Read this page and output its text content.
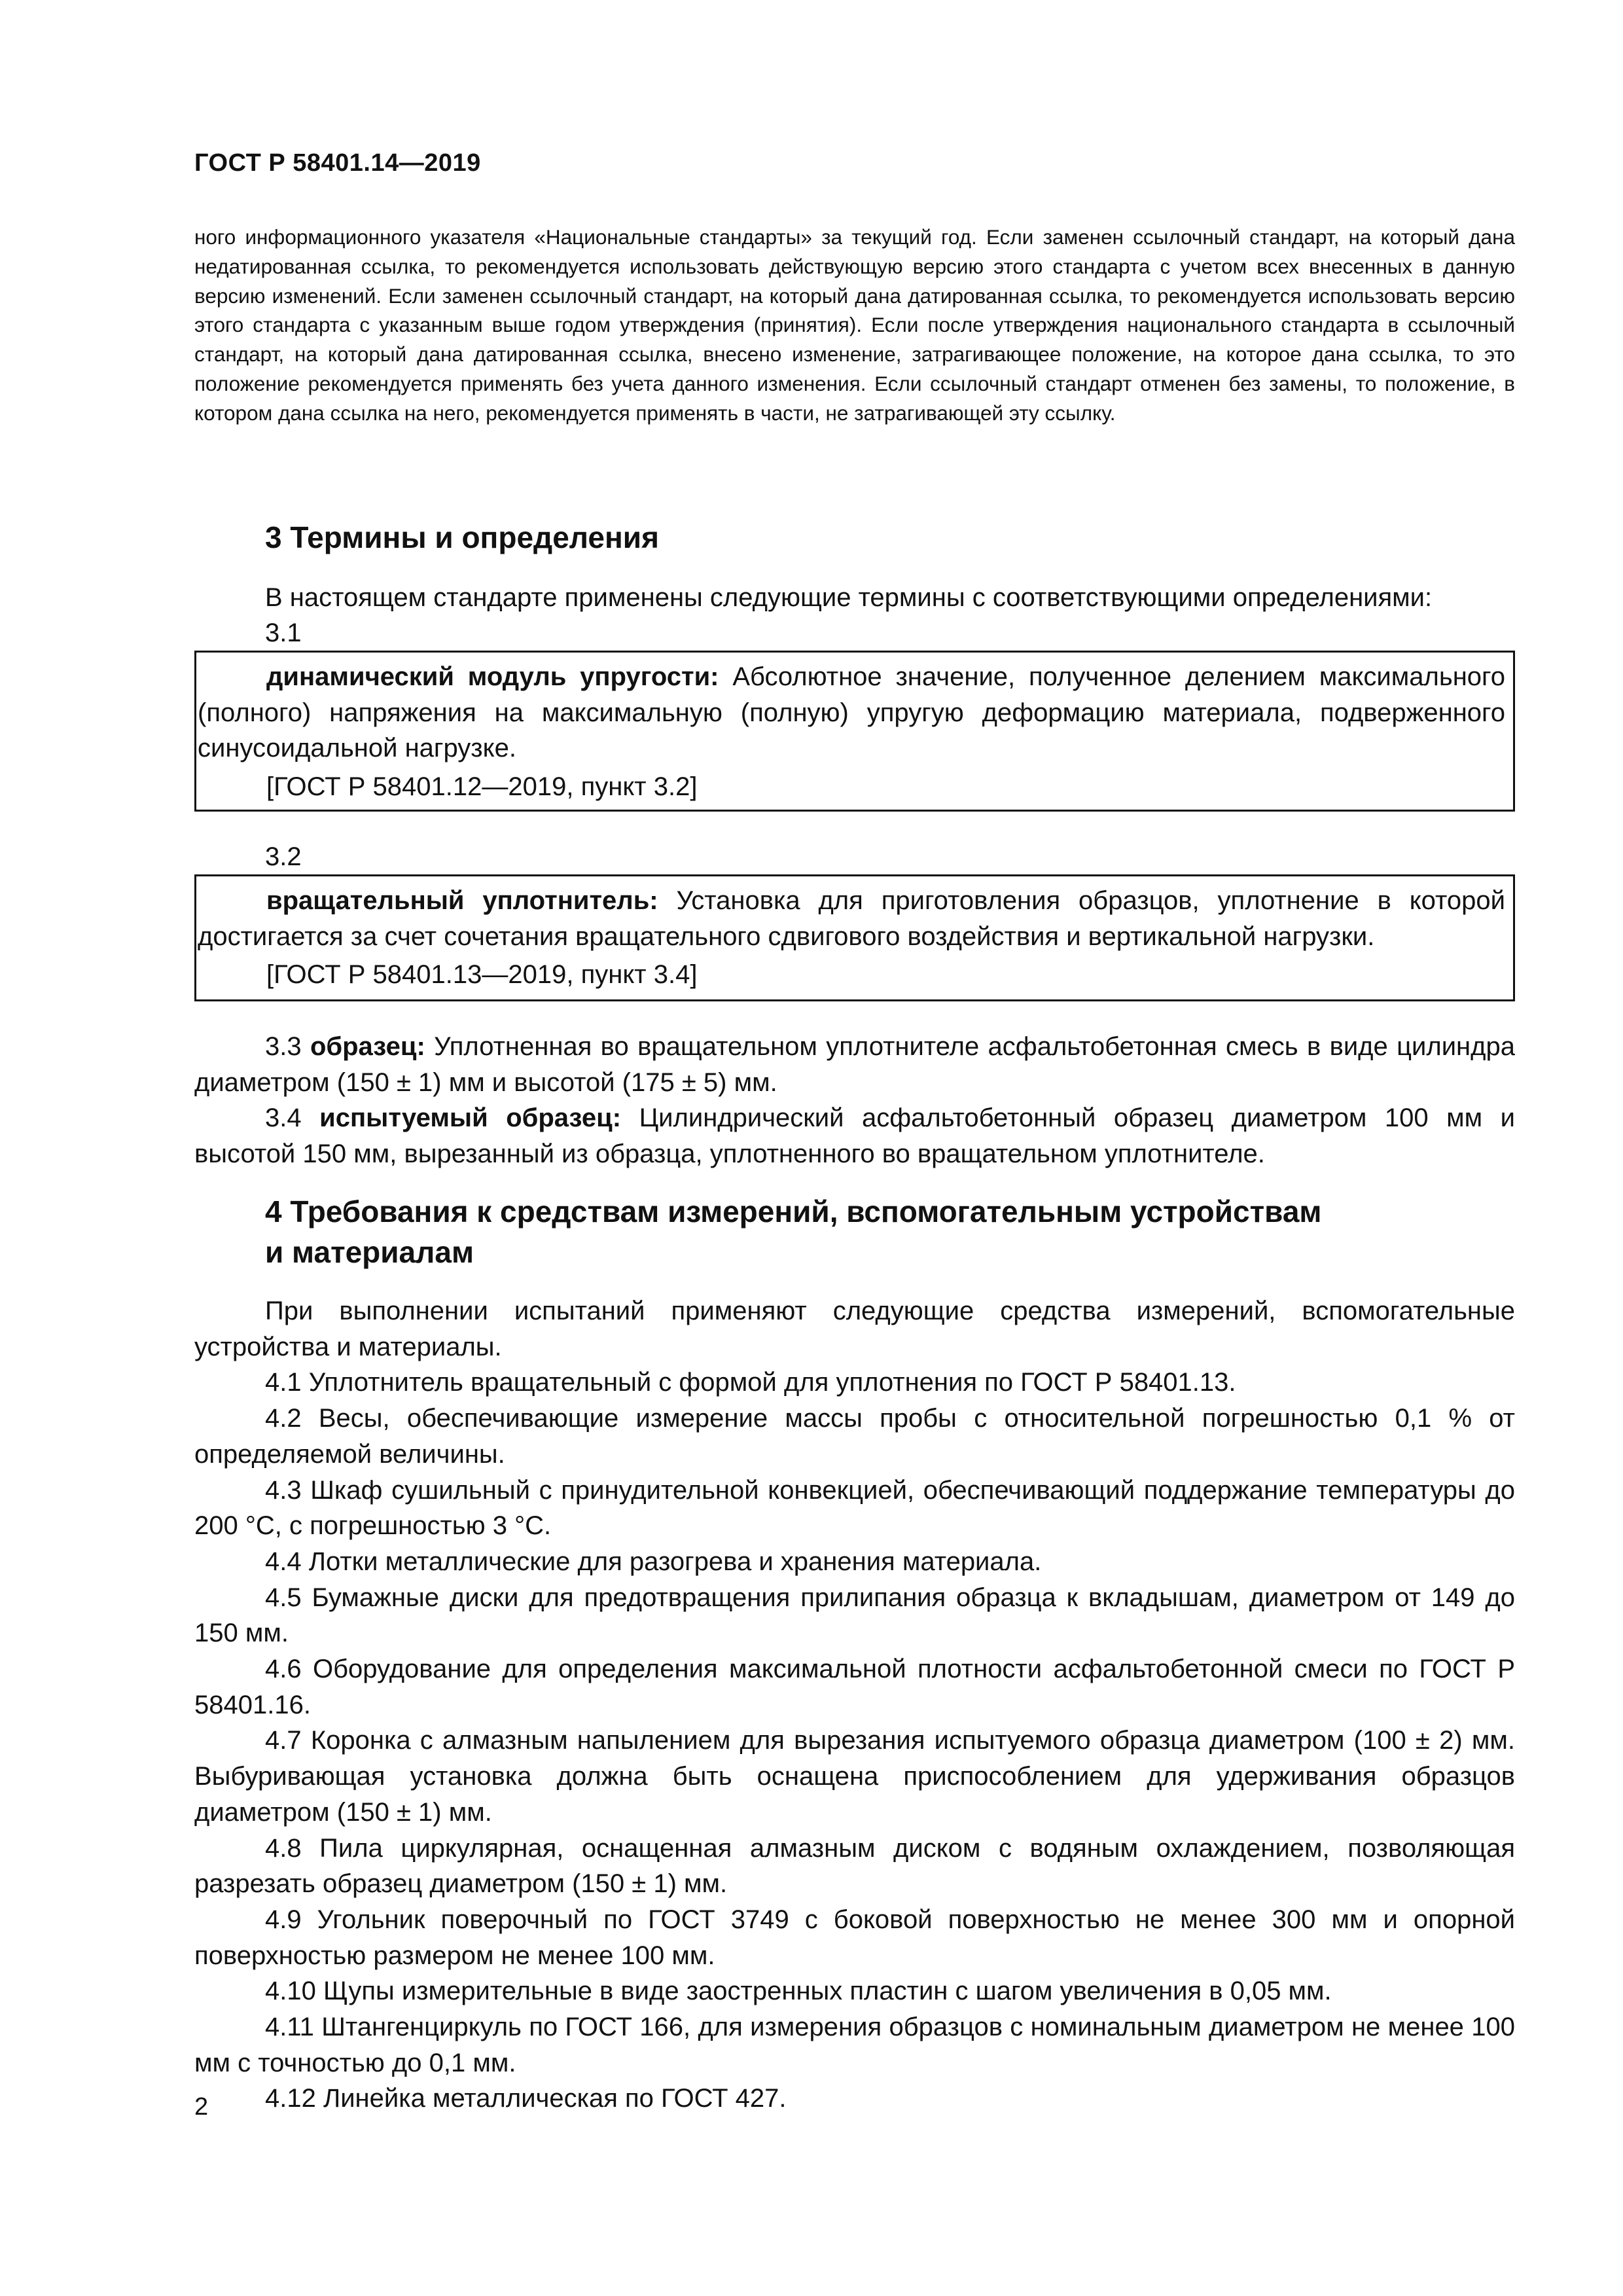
ГОСТ Р 58401.14—2019

ного информационного указателя «Национальные стандарты» за текущий год. Если заменен ссылочный стандарт, на который дана недатированная ссылка, то рекомендуется использовать действующую версию этого стандарта с учетом всех внесенных в данную версию изменений. Если заменен ссылочный стандарт, на который дана датированная ссылка, то рекомендуется использовать версию этого стандарта с указанным выше годом утверждения (принятия). Если после утверждения национального стандарта в ссылочный стандарт, на который дана датированная ссылка, внесено изменение, затрагивающее положение, на которое дана ссылка, то это положение рекомендуется применять без учета данного изменения. Если ссылочный стандарт отменен без замены, то положение, в котором дана ссылка на него, рекомендуется применять в части, не затрагивающей эту ссылку.

3 Термины и определения

В настоящем стандарте применены следующие термины с соответствующими определениями:

3.1

динамический модуль упругости: Абсолютное значение, полученное делением максимального (полного) напряжения на максимальную (полную) упругую деформацию материала, подверженного синусоидальной нагрузке.

[ГОСТ Р 58401.12—2019, пункт 3.2]

3.2

вращательный уплотнитель: Установка для приготовления образцов, уплотнение в которой достигается за счет сочетания вращательного сдвигового воздействия и вертикальной нагрузки.

[ГОСТ Р 58401.13—2019, пункт 3.4]

3.3 образец: Уплотненная во вращательном уплотнителе асфальтобетонная смесь в виде цилиндра диаметром (150 ± 1) мм и высотой (175 ± 5) мм.

3.4 испытуемый образец: Цилиндрический асфальтобетонный образец диаметром 100 мм и высотой 150 мм, вырезанный из образца, уплотненного во вращательном уплотнителе.

4 Требования к средствам измерений, вспомогательным устройствам
и материалам

При выполнении испытаний применяют следующие средства измерений, вспомогательные устройства и материалы.

4.1 Уплотнитель вращательный с формой для уплотнения по ГОСТ Р 58401.13.

4.2 Весы, обеспечивающие измерение массы пробы с относительной погрешностью 0,1 % от определяемой величины.

4.3 Шкаф сушильный с принудительной конвекцией, обеспечивающий поддержание температуры до 200 °С, с погрешностью 3 °С.

4.4 Лотки металлические для разогрева и хранения материала.

4.5 Бумажные диски для предотвращения прилипания образца к вкладышам, диаметром от 149 до 150 мм.

4.6 Оборудование для определения максимальной плотности асфальтобетонной смеси по ГОСТ Р 58401.16.

4.7 Коронка с алмазным напылением для вырезания испытуемого образца диаметром (100 ± 2) мм. Выбуривающая установка должна быть оснащена приспособлением для удерживания образцов диаметром (150 ± 1) мм.

4.8 Пила циркулярная, оснащенная алмазным диском с водяным охлаждением, позволяющая разрезать образец диаметром (150 ± 1) мм.

4.9 Угольник поверочный по ГОСТ 3749 с боковой поверхностью не менее 300 мм и опорной поверхностью размером не менее 100 мм.

4.10 Щупы измерительные в виде заостренных пластин с шагом увеличения в 0,05 мм.

4.11 Штангенциркуль по ГОСТ 166, для измерения образцов с номинальным диаметром не менее 100 мм с точностью до 0,1 мм.

4.12 Линейка металлическая по ГОСТ 427.

2
